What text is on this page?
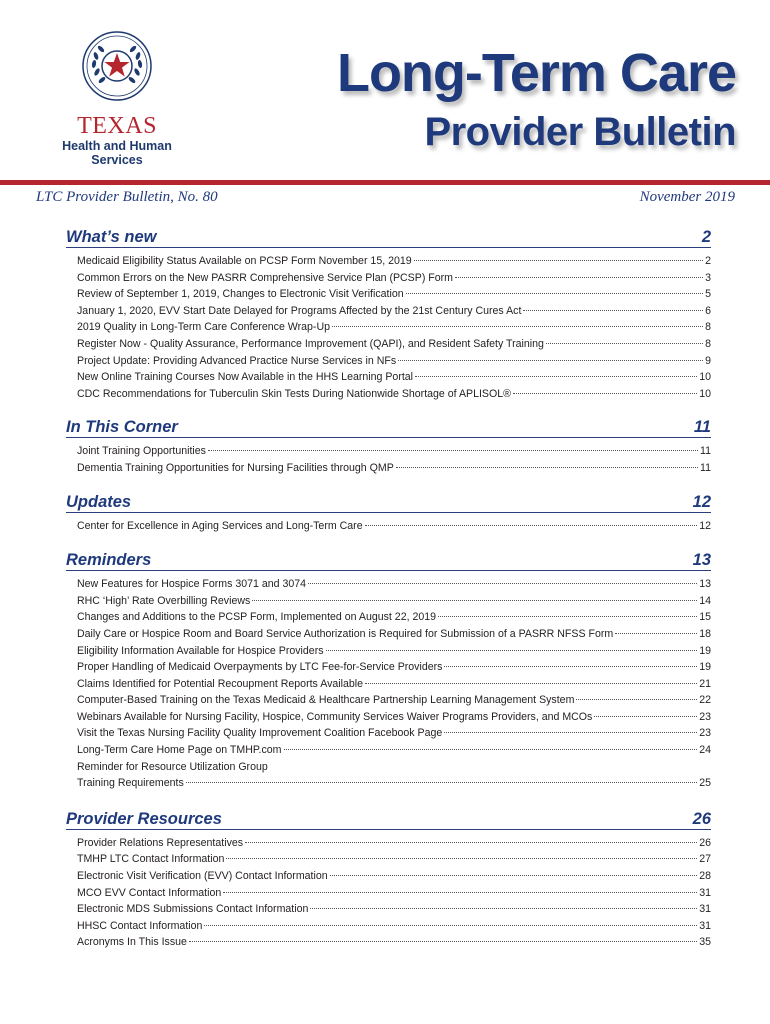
TEXAS
Health and Human
Services
Long-Term Care
Provider Bulletin
LTC Provider Bulletin, No. 80	November 2019
What’s new	2
Medicaid Eligibility Status Available on PCSP Form November 15, 2019	2
Common Errors on the New PASRR Comprehensive Service Plan (PCSP) Form	3
Review of September 1, 2019, Changes to Electronic Visit Verification	5
January 1, 2020, EVV Start Date Delayed for Programs Affected by the 21st Century Cures Act	6
2019 Quality in Long-Term Care Conference Wrap-Up	8
Register Now - Quality Assurance, Performance Improvement (QAPI), and Resident Safety Training	8
Project Update: Providing Advanced Practice Nurse Services in NFs	9
New Online Training Courses Now Available in the HHS Learning Portal	10
CDC Recommendations for Tuberculin Skin Tests During Nationwide Shortage of APLISOL®	10
In This Corner	11
Joint Training Opportunities	11
Dementia Training Opportunities for Nursing Facilities through QMP	11
Updates	12
Center for Excellence in Aging Services and Long-Term Care	12
Reminders	13
New Features for Hospice Forms 3071 and 3074	13
RHC ‘High’ Rate Overbilling Reviews	14
Changes and Additions to the PCSP Form, Implemented on August 22, 2019	15
Daily Care or Hospice Room and Board Service Authorization is Required for Submission of a PASRR NFSS Form	18
Eligibility Information Available for Hospice Providers	19
Proper Handling of Medicaid Overpayments by LTC Fee-for-Service Providers	19
Claims Identified for Potential Recoupment Reports Available	21
Computer-Based Training on the Texas Medicaid & Healthcare Partnership Learning Management System	22
Webinars Available for Nursing Facility, Hospice, Community Services Waiver Programs Providers, and MCOs	23
Visit the Texas Nursing Facility Quality Improvement Coalition Facebook Page	23
Long-Term Care Home Page on TMHP.com	24
Reminder for Resource Utilization Group
Training Requirements	25
Provider Resources	26
Provider Relations Representatives	26
TMHP LTC Contact Information	27
Electronic Visit Verification (EVV) Contact Information	28
MCO EVV Contact Information	31
Electronic MDS Submissions Contact Information	31
HHSC Contact Information	31
Acronyms In This Issue	35
